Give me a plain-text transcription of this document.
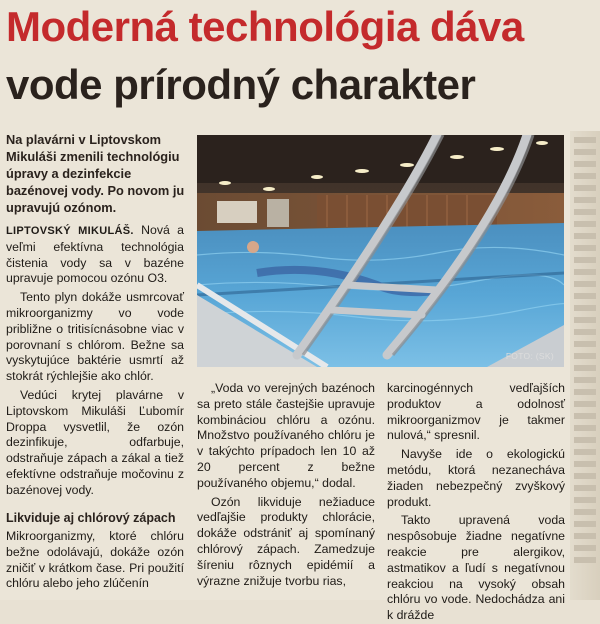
Moderná technológia dáva
vode prírodný charakter
Na plavárni v Liptovskom Mikuláši zmenili technológiu úpravy a dezinfekcie bazénovej vody. Po novom ju upravujú ozónom.

LIPTOVSKÝ MIKULÁŠ. Nová a veľmi efektívna technológia čistenia vody sa v bazéne upravuje pomocou ozónu O3.

Tento plyn dokáže usmrcovať mikroorganizmy vo vode približne o tritisícnásobne viac v porovnaní s chlórom. Bežne sa vyskytujúce baktérie usmrtí až stokrát rýchlejšie ako chlór.

Vedúci krytej plavárne v Liptovskom Mikuláši Ľubomír Droppa vysvetlil, že ozón dezinfikuje, odfarbuje, odstraňuje zápach a zákal a tiež efektívne odstraňuje močovinu z bazénovej vody.

Likviduje aj chlórový zápach

Mikroorganizmy, ktoré chlóru bežne odolávajú, dokáže ozón zničiť v krátkom čase. Pri použití chlóru alebo jeho zlúčenín

FOTO: (SK)

„Voda vo verejných bazénoch sa preto stále častejšie upravuje kombináciou chlóru a ozónu. Množstvo používaného chlóru je v takýchto prípadoch len 10 až 20 percent z bežne používaného objemu,“ dodal.

Ozón likviduje nežiaduce vedľajšie produkty chlorácie, dokáže odstrániť aj spomínaný chlórový zápach. Zamedzuje šíreniu rôznych epidémií a výrazne znižuje tvorbu rias,

karcinogénnych vedľajších produktov a odolnosť mikroorganizmov je takmer nulová,“ spresnil.

Navyše ide o ekologickú metódu, ktorá nezanecháva žiaden nebezpečný zvyškový produkt.

Takto upravená voda nespôsobuje žiadne negatívne reakcie pre alergikov, astmatikov a ľudí s negatívnou reakciou na vysoký obsah chlóru vo vode. Nedochádza ani k dráždе
